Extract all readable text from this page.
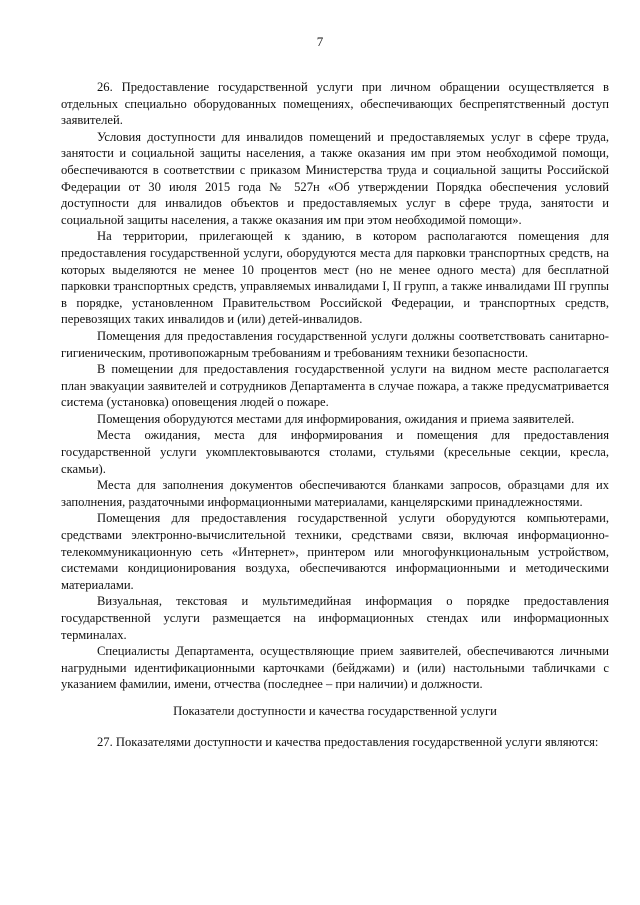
7

26. Предоставление государственной услуги при личном обращении осуществляется в отдельных специально оборудованных помещениях, обеспечивающих беспрепятственный доступ заявителей.

Условия доступности для инвалидов помещений и предоставляемых услуг в сфере труда, занятости и социальной защиты населения, а также оказания им при этом необходимой помощи, обеспечиваются в соответствии с приказом Министерства труда и социальной защиты Российской Федерации от 30 июля 2015 года № 527н «Об утверждении Порядка обеспечения условий доступности для инвалидов объектов и предоставляемых услуг в сфере труда, занятости и социальной защиты населения, а также оказания им при этом необходимой помощи».

На территории, прилегающей к зданию, в котором располагаются помещения для предоставления государственной услуги, оборудуются места для парковки транспортных средств, на которых выделяются не менее 10 процентов мест (но не менее одного места) для бесплатной парковки транспортных средств, управляемых инвалидами I, II групп, а также инвалидами III группы в порядке, установленном Правительством Российской Федерации, и транспортных средств, перевозящих таких инвалидов и (или) детей-инвалидов.

Помещения для предоставления государственной услуги должны соответствовать санитарно-гигиеническим, противопожарным требованиям и требованиям техники безопасности.

В помещении для предоставления государственной услуги на видном месте располагается план эвакуации заявителей и сотрудников Департамента в случае пожара, а также предусматривается система (установка) оповещения людей о пожаре.

Помещения оборудуются местами для информирования, ожидания и приема заявителей.

Места ожидания, места для информирования и помещения для предоставления государственной услуги укомплектовываются столами, стульями (кресельные секции, кресла, скамьи).

Места для заполнения документов обеспечиваются бланками запросов, образцами для их заполнения, раздаточными информационными материалами, канцелярскими принадлежностями.

Помещения для предоставления государственной услуги оборудуются компьютерами, средствами электронно-вычислительной техники, средствами связи, включая информационно-телекоммуникационную сеть «Интернет», принтером или многофункциональным устройством, системами кондиционирования воздуха, обеспечиваются информационными и методическими материалами.

Визуальная, текстовая и мультимедийная информация о порядке предоставления государственной услуги размещается на информационных стендах или информационных терминалах.

Специалисты Департамента, осуществляющие прием заявителей, обеспечиваются личными нагрудными идентификационными карточками (бейджами) и (или) настольными табличками с указанием фамилии, имени, отчества (последнее – при наличии) и должности.

Показатели доступности и качества государственной услуги

27. Показателями доступности и качества предоставления государственной услуги являются:
